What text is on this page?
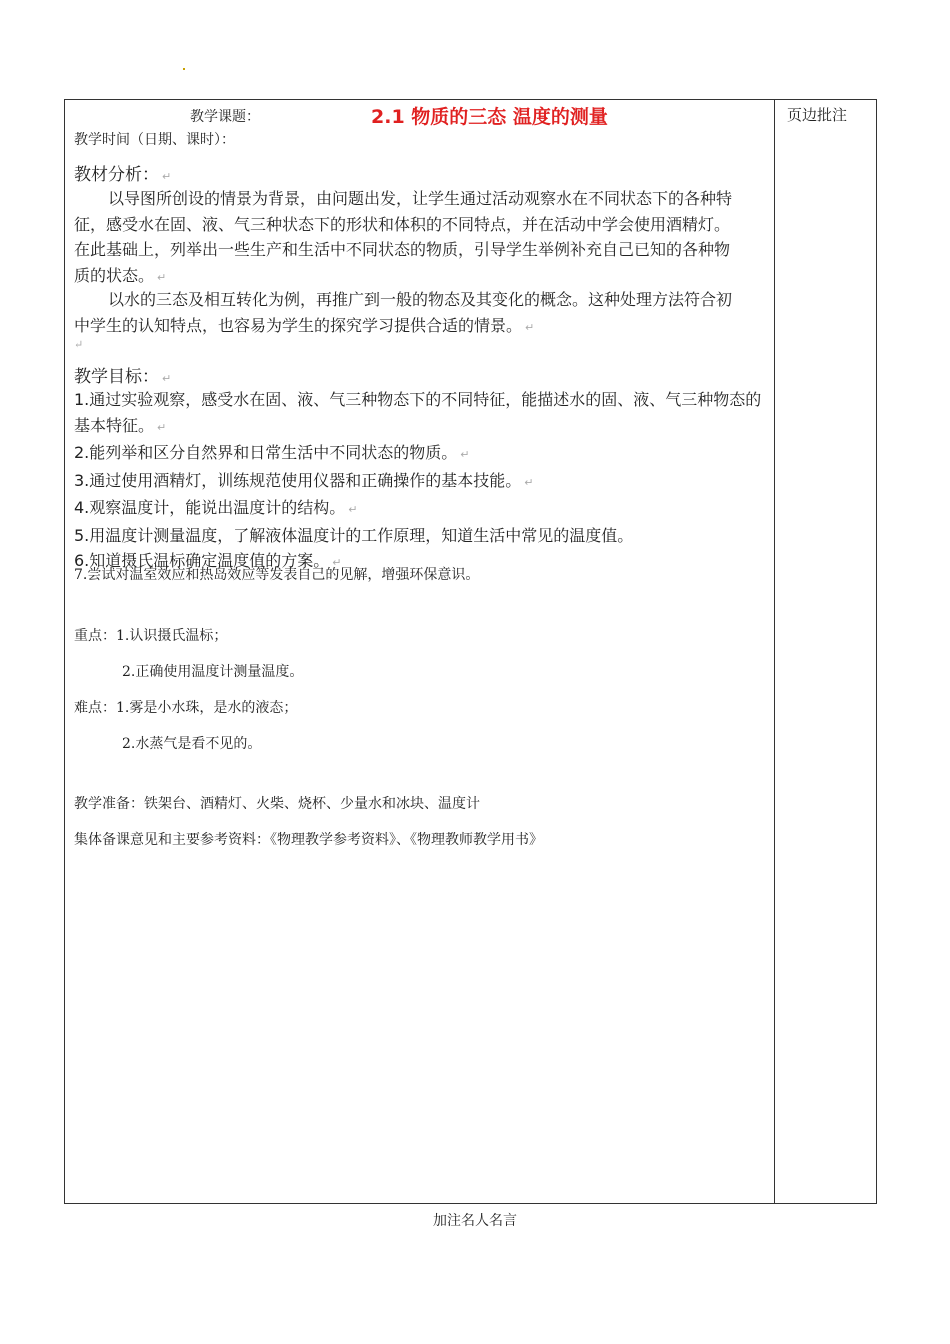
教学课题：	2.1 物质的三态 温度的测量
教学时间（日期、课时）：
教材分析： ↵
以导图所创设的情景为背景，由问题出发，让学生通过活动观察水在不同状态下的各种特征，感受水在固、液、气三种状态下的形状和体积的不同特点，并在活动中学会使用酒精灯。在此基础上，列举出一些生产和生活中不同状态的物质，引导学生举例补充自己已知的各种物质的状态。 ↵
以水的三态及相互转化为例，再推广到一般的物态及其变化的概念。这种处理方法符合初中学生的认知特点，也容易为学生的探究学习提供合适的情景。 ↵
↵
教学目标： ↵
1.通过实验观察，感受水在固、液、气三种物态下的不同特征，能描述水的固、液、气三种物态的基本特征。 ↵
2.能列举和区分自然界和日常生活中不同状态的物质。 ↵
3.通过使用酒精灯，训练规范使用仪器和正确操作的基本技能。 ↵
4.观察温度计，能说出温度计的结构。 ↵
5.用温度计测量温度，了解液体温度计的工作原理，知道生活中常见的温度值。
6.知道摄氏温标确定温度值的方案。 ↵
7.尝试对温室效应和热岛效应等发表自己的见解，增强环保意识。
重点：1.认识摄氏温标；
2.正确使用温度计测量温度。
难点：1.雾是小水珠，是水的液态；
2.水蒸气是看不见的。
教学准备：铁架台、酒精灯、火柴、烧杯、少量水和冰块、温度计
集体备课意见和主要参考资料：《物理教学参考资料》、《物理教师教学用书》
页边批注
加注名人名言
